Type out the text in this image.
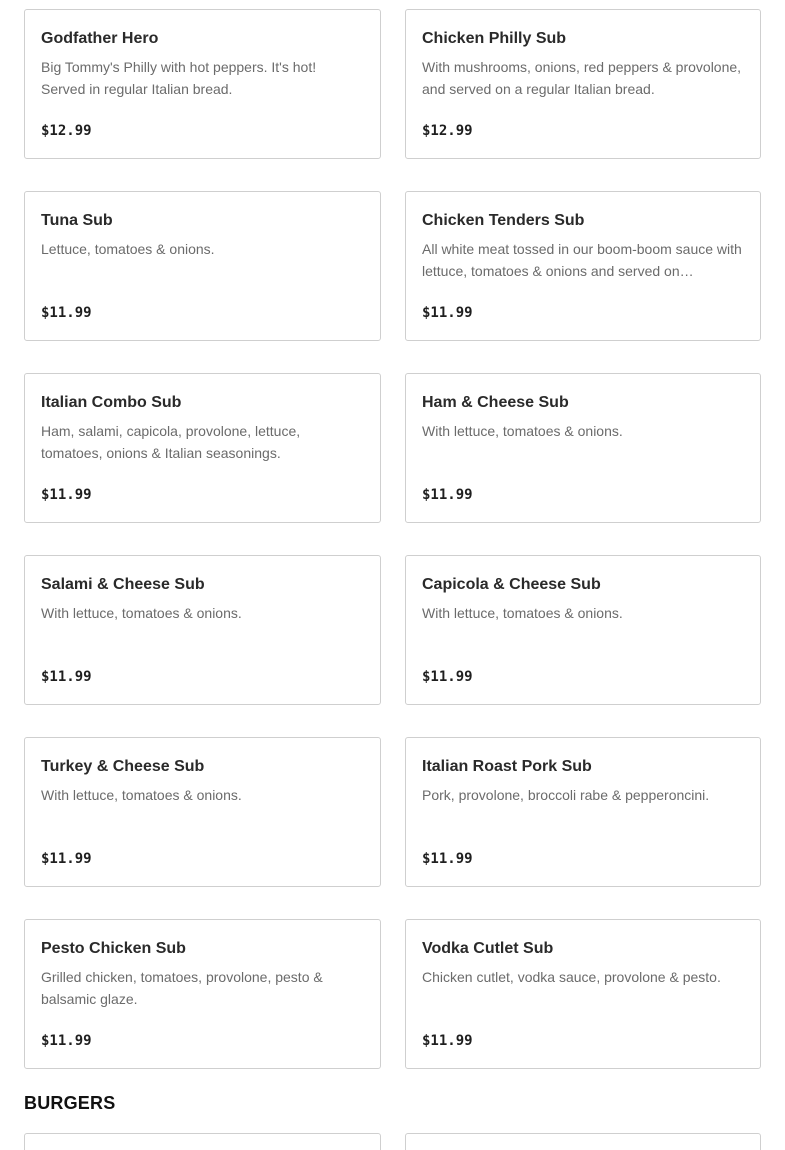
Godfather Hero
Big Tommy's Philly with hot peppers. It's hot! Served in regular Italian bread.
$12.99
Chicken Philly Sub
With mushrooms, onions, red peppers & provolone, and served on a regular Italian bread.
$12.99
Tuna Sub
Lettuce, tomatoes & onions.
$11.99
Chicken Tenders Sub
All white meat tossed in our boom-boom sauce with lettuce, tomatoes & onions and served on…
$11.99
Italian Combo Sub
Ham, salami, capicola, provolone, lettuce, tomatoes, onions & Italian seasonings.
$11.99
Ham & Cheese Sub
With lettuce, tomatoes & onions.
$11.99
Salami & Cheese Sub
With lettuce, tomatoes & onions.
$11.99
Capicola & Cheese Sub
With lettuce, tomatoes & onions.
$11.99
Turkey & Cheese Sub
With lettuce, tomatoes & onions.
$11.99
Italian Roast Pork Sub
Pork, provolone, broccoli rabe & pepperoncini.
$11.99
Pesto Chicken Sub
Grilled chicken, tomatoes, provolone, pesto & balsamic glaze.
$11.99
Vodka Cutlet Sub
Chicken cutlet, vodka sauce, provolone & pesto.
$11.99
BURGERS
